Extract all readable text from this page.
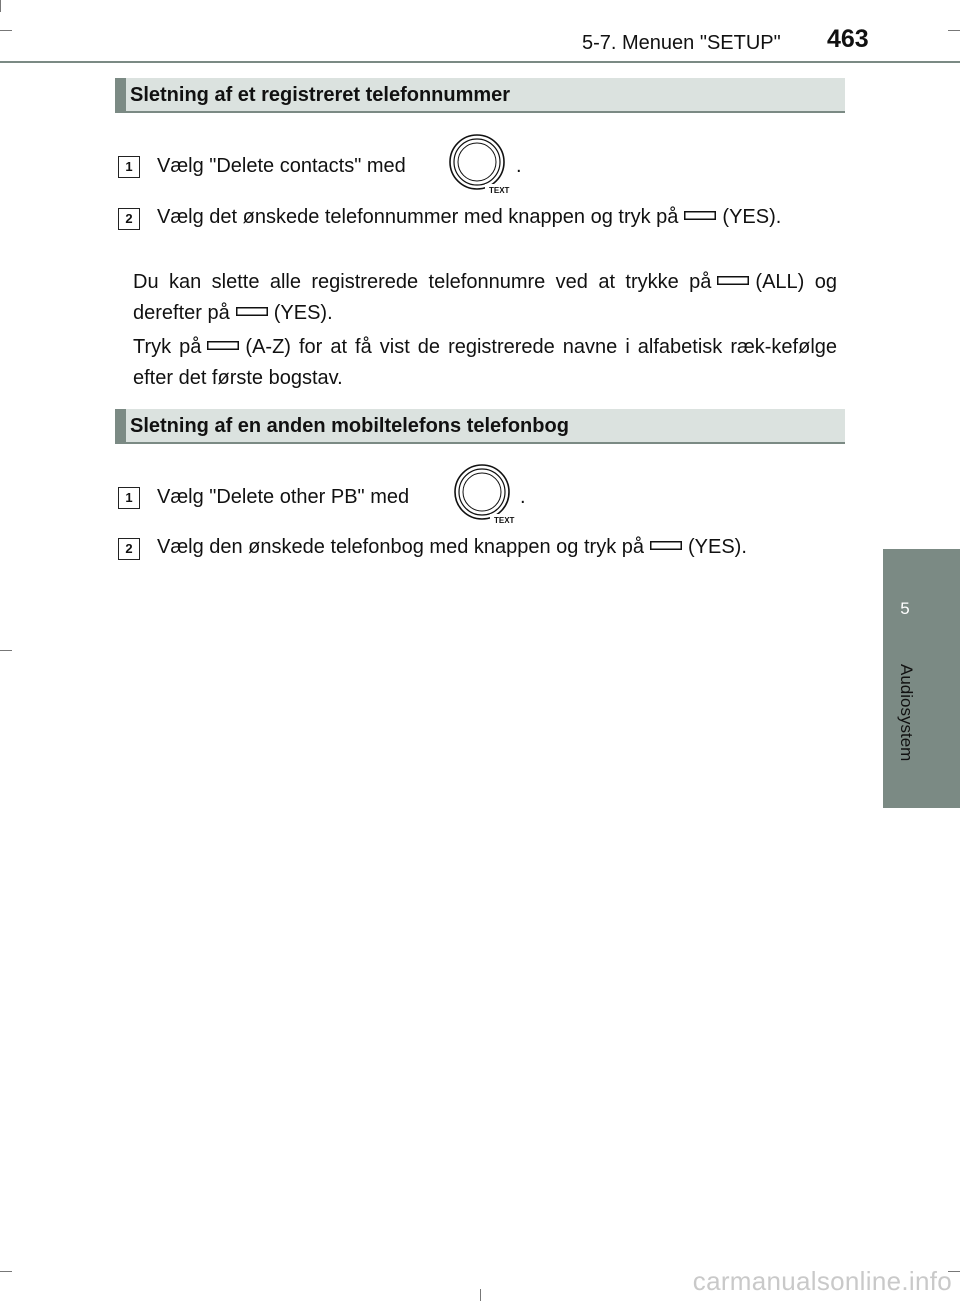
5-7. Menuen "SETUP" 463
5
Audiosystem
Sletning af et registreret telefonnummer
1	Vælg "Delete contacts" med
TEXT
.
2	Vælg det ønskede telefonnummer med knappen og tryk på (YES).
Du kan slette alle registrerede telefonnumre ved at trykke på (ALL) og derefter på (YES).
Tryk på (A-Z) for at få vist de registrerede navne i alfabetisk ræk-kefølge efter det første bogstav.
Sletning af en anden mobiltelefons telefonbog
1	Vælg "Delete other PB" med
TEXT
.
2	Vælg den ønskede telefonbog med knappen og tryk på (YES).
carmanualsonline.info
